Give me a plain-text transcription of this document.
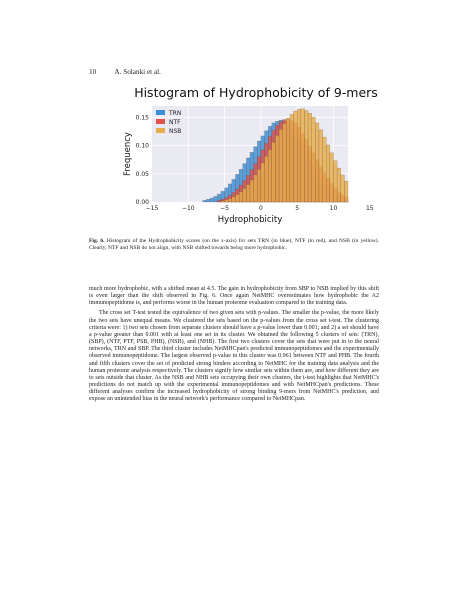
10	A. Solanki et al.
Histogram of Hydrophobicity of 9-mers
−15	−10	−5	0	5	10	15
0.00
0.05
0.10
0.15
Hydrophobicity
Frequency
TRN
NTF
NSB
Fig. 6. Histogram of the Hydrophobicity scores (on the x-axis) for sets TRN (in blue), NTF (in red), and NSB (in yellow). Clearly, NTF and NSB do not align, with NSB shifted towards being more hydrophobic.

much more hydrophobic, with a shifted mean at 4.5. The gain in hydrophobicity from SBP to NSB implied by this shift is even larger than the shift observed in Fig. 6. Once again NetMHC overestimates how hydrophobic the A2 immunopeptidome is, and performs worse in the human proteome evaluation compared to the training data.

The cross set T-test tested the equivalence of two given sets with p-values. The smaller the p-value, the more likely the two sets have unequal means. We clustered the sets based on the p-values from the cross set t-test. The clustering criteria were: 1) two sets chosen from separate clusters should have a p-value lower than 0.001; and 2) a set should have a p-value greater than 0.001 with at least one set in its cluster. We obtained the following 5 clusters of sets: (TRN), (SBP), (NTF, PTF, PSB, PHB), (NSB), and (NHB). The first two clusters cover the sets that were put in to the neural networks, TRN and SBP. The third cluster includes NetMHCpan's predicted immunopeptidomes and the experimentally observed immunopeptidome. The largest observed p-value in this cluster was 0.961 between NTF and PHB. The fourth and fifth clusters cover the set of predicted strong binders according to NetMHC for the training data analysis and the human proteome analysis respectively. The clusters signify how similar sets within them are, and how different they are to sets outside that cluster. As the NSB and NHB sets occupying their own clusters, the t-test highlights that NetMHC's predictions do not match up with the experimental immunopeptidomes and with NetMHCpan's predictions. These different analyses confirm the increased hydrophobicity of strong binding 9-mers from NetMHC's prediction, and expose an unintended bias in the neural network's performance compared to NetMHCpan.
